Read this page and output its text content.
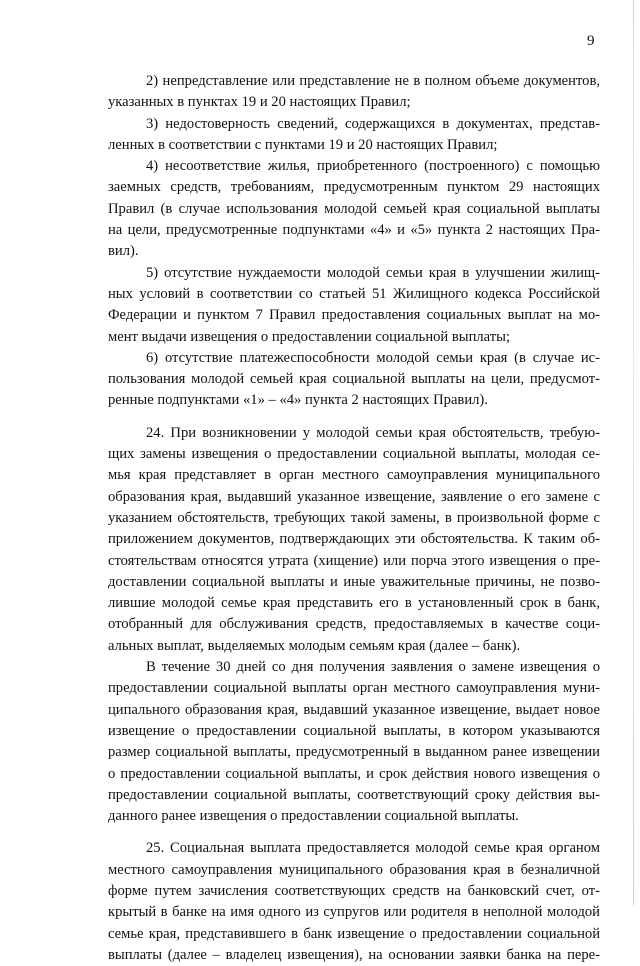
9
2) непредставление или представление не в полном объеме документов,
указанных в пунктах 19 и 20 настоящих Правил;
3) недостоверность сведений, содержащихся в документах, представ-
ленных в соответствии с пунктами 19 и 20 настоящих Правил;
4) несоответствие жилья, приобретенного (построенного) с помощью
заемных средств, требованиям, предусмотренным пунктом 29 настоящих
Правил (в случае использования молодой семьей края социальной выплаты
на цели, предусмотренные подпунктами «4» и «5» пункта 2 настоящих Пра-
вил).
5) отсутствие нуждаемости молодой семьи края в улучшении жилищ-
ных условий в соответствии со статьей 51 Жилищного кодекса Российской
Федерации и пунктом 7 Правил предоставления социальных выплат на мо-
мент выдачи извещения о предоставлении социальной выплаты;
6) отсутствие платежеспособности молодой семьи края (в случае ис-
пользования молодой семьей края социальной выплаты на цели, предусмот-
ренные подпунктами «1» – «4» пункта 2 настоящих Правил).
24. При возникновении у молодой семьи края обстоятельств, требую-
щих замены извещения о предоставлении социальной выплаты, молодая се-
мья края представляет в орган местного самоуправления муниципального
образования края, выдавший указанное извещение, заявление о его замене с
указанием обстоятельств, требующих такой замены, в произвольной форме с
приложением документов, подтверждающих эти обстоятельства. К таким об-
стоятельствам относятся утрата (хищение) или порча этого извещения о пре-
доставлении социальной выплаты и иные уважительные причины, не позво-
лившие молодой семье края представить его в установленный срок в банк,
отобранный для обслуживания средств, предоставляемых в качестве соци-
альных выплат, выделяемых молодым семьям края (далее – банк).
В течение 30 дней со дня получения заявления о замене извещения о
предоставлении социальной выплаты орган местного самоуправления муни-
ципального образования края, выдавший указанное извещение, выдает новое
извещение о предоставлении социальной выплаты, в котором указываются
размер социальной выплаты, предусмотренный в выданном ранее извещении
о предоставлении социальной выплаты, и срок действия нового извещения о
предоставлении социальной выплаты, соответствующий сроку действия вы-
данного ранее извещения о предоставлении социальной выплаты.
25. Социальная выплата предоставляется молодой семье края органом
местного самоуправления муниципального образования края в безналичной
форме путем зачисления соответствующих средств на банковский счет, от-
крытый в банке на имя одного из супругов или родителя в неполной молодой
семье края, представившего в банк извещение о предоставлении социальной
выплаты (далее – владелец извещения), на основании заявки банка на пере-
